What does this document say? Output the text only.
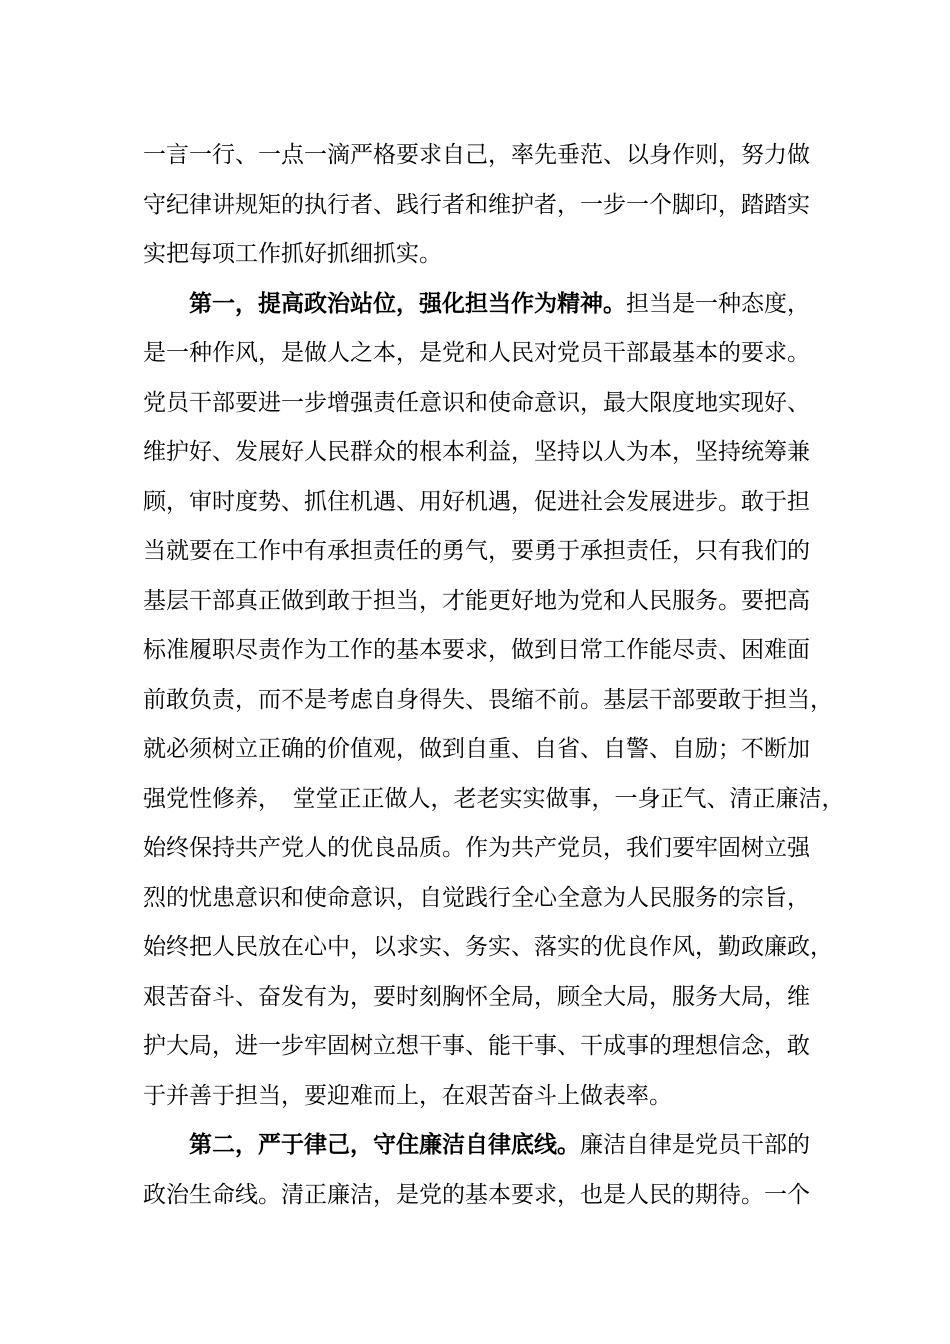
一言一行、一点一滴严格要求自己，率先垂范、以身作则，努力做
守纪律讲规矩的执行者、践行者和维护者，一步一个脚印，踏踏实
实把每项工作抓好抓细抓实。
第一，提高政治站位，强化担当作为精神。担当是一种态度，
是一种作风，是做人之本，是党和人民对党员干部最基本的要求。
党员干部要进一步增强责任意识和使命意识，最大限度地实现好、
维护好、发展好人民群众的根本利益，坚持以人为本，坚持统筹兼
顾，审时度势、抓住机遇、用好机遇，促进社会发展进步。敢于担
当就要在工作中有承担责任的勇气，要勇于承担责任，只有我们的
基层干部真正做到敢于担当，才能更好地为党和人民服务。要把高
标准履职尽责作为工作的基本要求，做到日常工作能尽责、困难面
前敢负责，而不是考虑自身得失、畏缩不前。基层干部要敢于担当，
就必须树立正确的价值观，做到自重、自省、自警、自励；不断加
强党性修养，　堂堂正正做人，老老实实做事，一身正气、清正廉洁，
始终保持共产党人的优良品质。作为共产党员，我们要牢固树立强
烈的忧患意识和使命意识，自觉践行全心全意为人民服务的宗旨，
始终把人民放在心中，以求实、务实、落实的优良作风，勤政廉政，
艰苦奋斗、奋发有为，要时刻胸怀全局，顾全大局，服务大局，维
护大局，进一步牢固树立想干事、能干事、干成事的理想信念，敢
于并善于担当，要迎难而上，在艰苦奋斗上做表率。
第二，严于律己，守住廉洁自律底线。廉洁自律是党员干部的
政治生命线。清正廉洁，是党的基本要求，也是人民的期待。一个
